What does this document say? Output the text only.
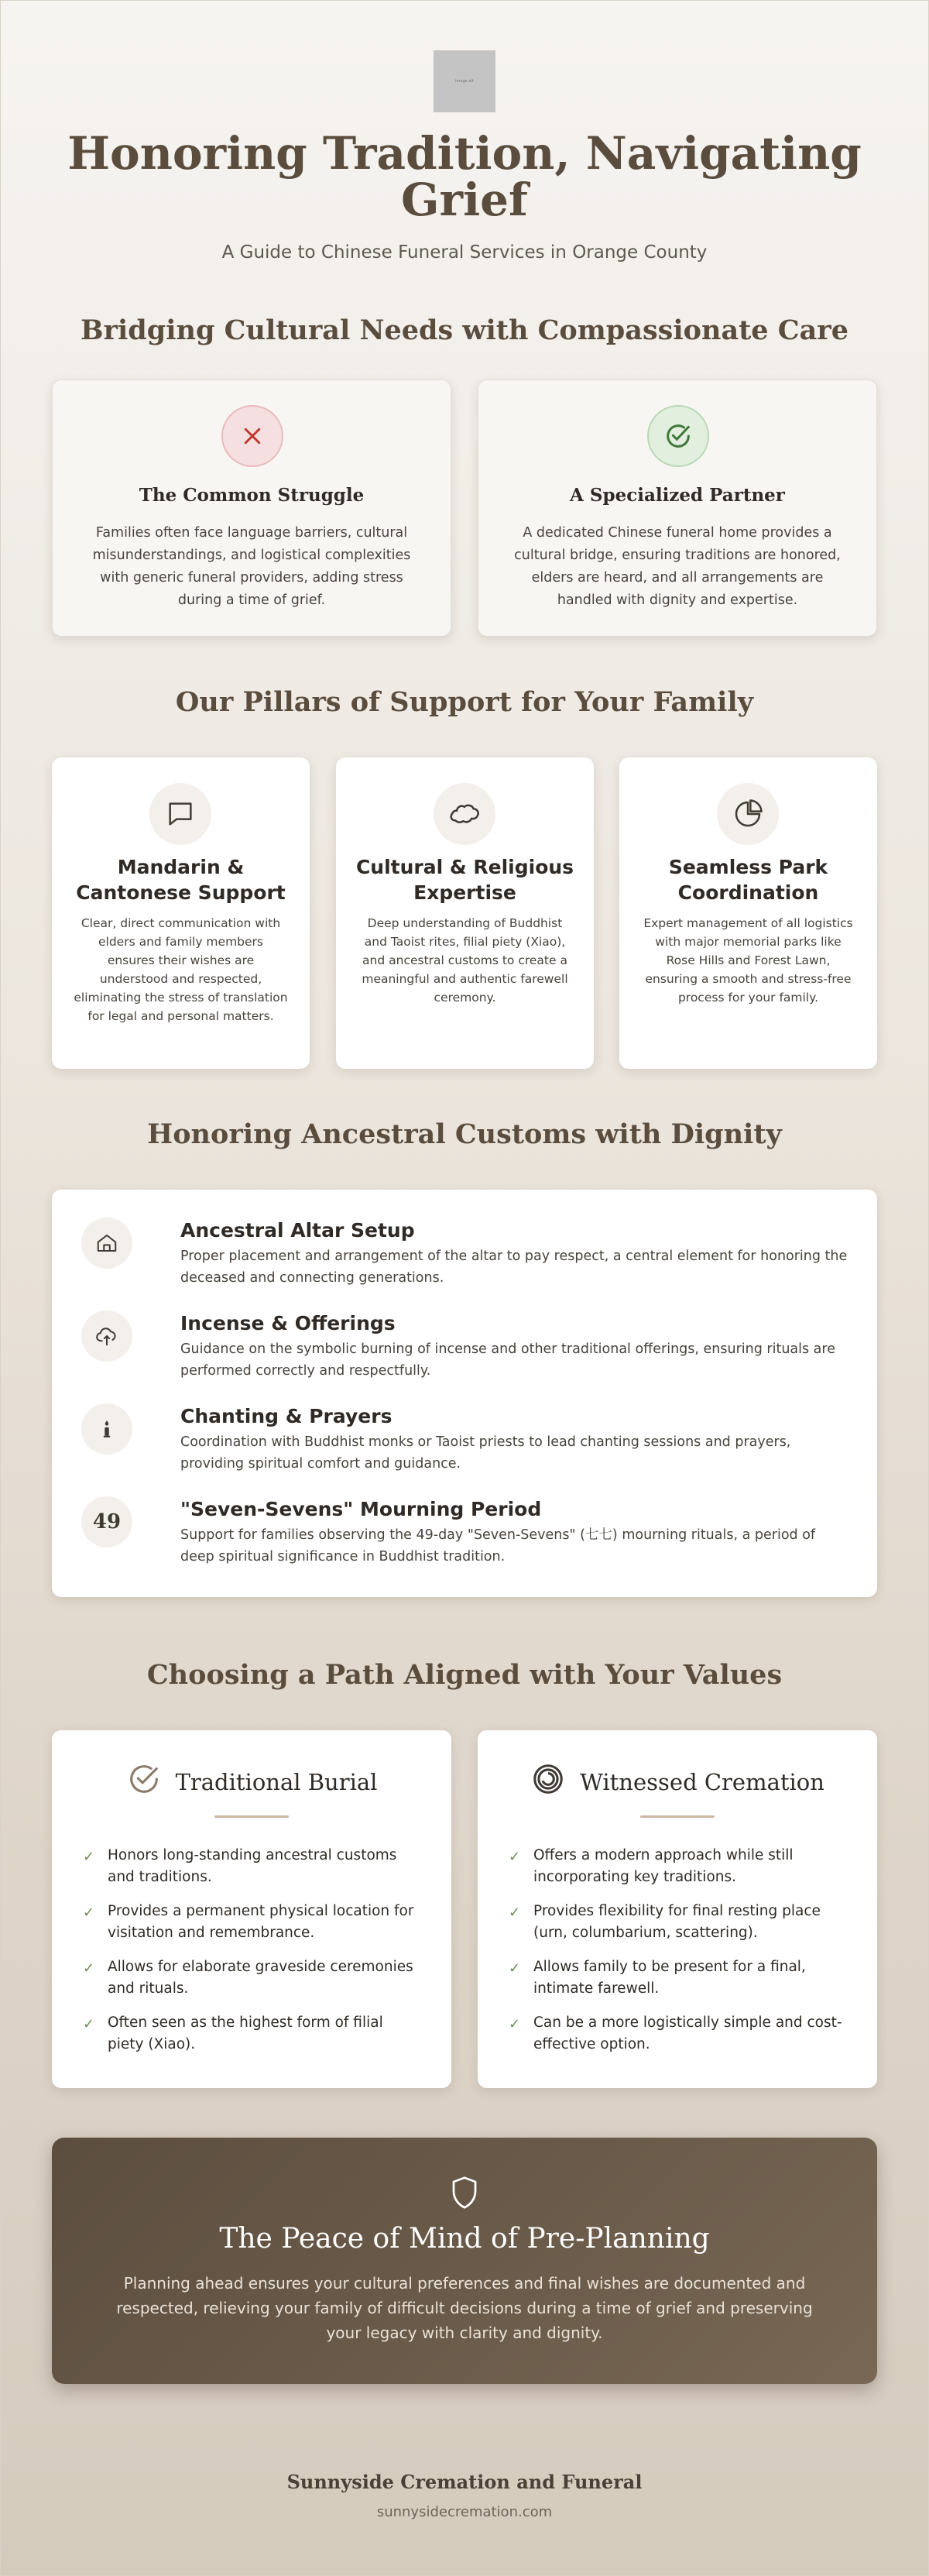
Image alt
Honoring Tradition, Navigating Grief
A Guide to Chinese Funeral Services in Orange County
Bridging Cultural Needs with Compassionate Care
The Common Struggle
Families often face language barriers, cultural misunderstandings, and logistical complexities with generic funeral providers, adding stress during a time of grief.
A Specialized Partner
A dedicated Chinese funeral home provides a cultural bridge, ensuring traditions are honored, elders are heard, and all arrangements are handled with dignity and expertise.
Our Pillars of Support for Your Family
Mandarin & Cantonese Support
Clear, direct communication with elders and family members ensures their wishes are understood and respected, eliminating the stress of translation for legal and personal matters.
Cultural & Religious Expertise
Deep understanding of Buddhist and Taoist rites, filial piety (Xiao), and ancestral customs to create a meaningful and authentic farewell ceremony.
Seamless Park Coordination
Expert management of all logistics with major memorial parks like Rose Hills and Forest Lawn, ensuring a smooth and stress-free process for your family.
Honoring Ancestral Customs with Dignity
Ancestral Altar Setup
Proper placement and arrangement of the altar to pay respect, a central element for honoring the deceased and connecting generations.
Incense & Offerings
Guidance on the symbolic burning of incense and other traditional offerings, ensuring rituals are performed correctly and respectfully.
Chanting & Prayers
Coordination with Buddhist monks or Taoist priests to lead chanting sessions and prayers, providing spiritual comfort and guidance.
49
"Seven-Sevens" Mourning Period
Support for families observing the 49-day "Seven-Sevens" (七七) mourning rituals, a period of deep spiritual significance in Buddhist tradition.
Choosing a Path Aligned with Your Values
Traditional Burial
✓ Honors long-standing ancestral customs and traditions.
✓ Provides a permanent physical location for visitation and remembrance.
✓ Allows for elaborate graveside ceremonies and rituals.
✓ Often seen as the highest form of filial piety (Xiao).
Witnessed Cremation
✓ Offers a modern approach while still incorporating key traditions.
✓ Provides flexibility for final resting place (urn, columbarium, scattering).
✓ Allows family to be present for a final, intimate farewell.
✓ Can be a more logistically simple and cost-effective option.
The Peace of Mind of Pre-Planning
Planning ahead ensures your cultural preferences and final wishes are documented and respected, relieving your family of difficult decisions during a time of grief and preserving your legacy with clarity and dignity.
Sunnyside Cremation and Funeral
sunnysidecremation.com
